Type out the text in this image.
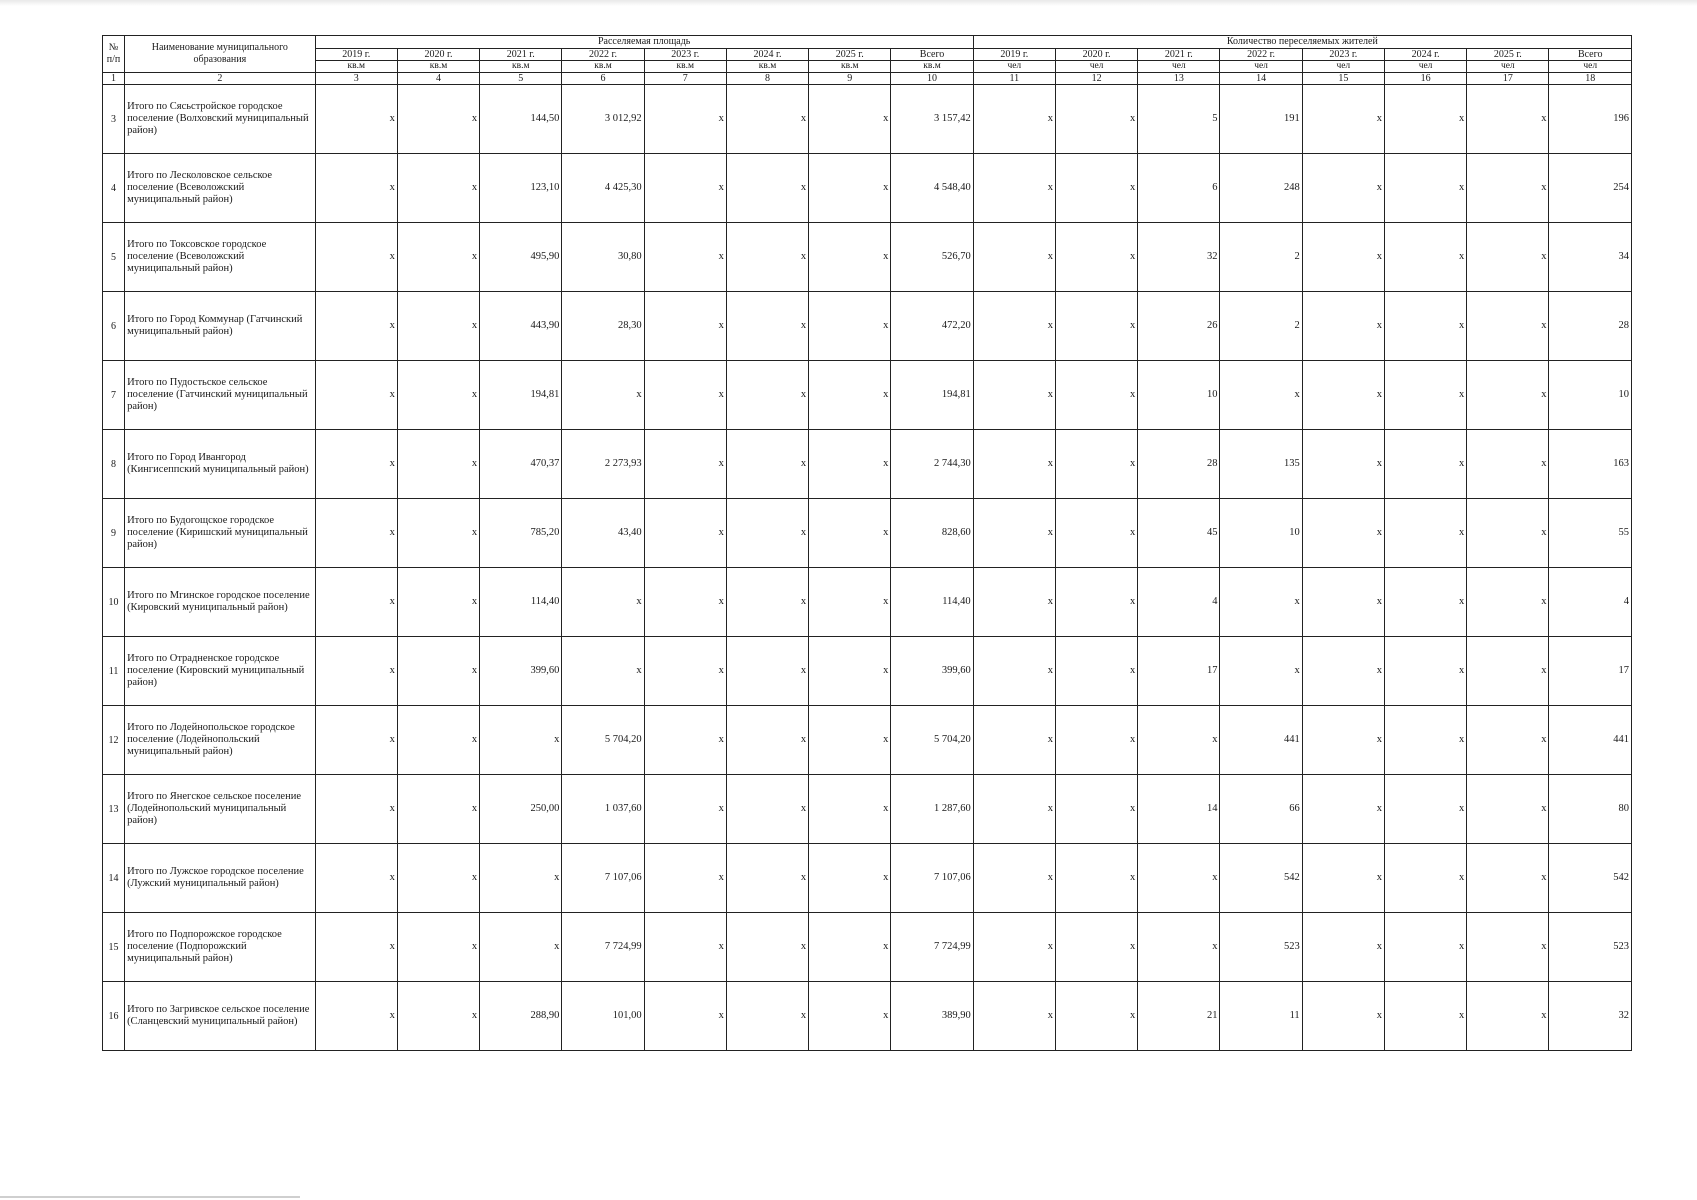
№ п/п	Наименование муниципального образования	Расселяемая площадь								Количество переселяемых жителей							
		2019 г.	2020 г.	2021 г.	2022 г.	2023 г.	2024 г.	2025 г.	Всего	2019 г.	2020 г.	2021 г.	2022 г.	2023 г.	2024 г.	2025 г.	Всего
		кв.м	кв.м	кв.м	кв.м	кв.м	кв.м	кв.м	кв.м	чел	чел	чел	чел	чел	чел	чел	чел
1	2	3	4	5	6	7	8	9	10	11	12	13	14	15	16	17	18
3	Итого по Сясьстройское городское поселение (Волховский муниципальный район)	x	x	144,50	3 012,92	x	x	x	3 157,42	x	x	5	191	x	x	x	196
4	Итого по Лесколовское сельское поселение (Всеволожский муниципальный район)	x	x	123,10	4 425,30	x	x	x	4 548,40	x	x	6	248	x	x	x	254
5	Итого по Токсовское городское поселение (Всеволожский муниципальный район)	x	x	495,90	30,80	x	x	x	526,70	x	x	32	2	x	x	x	34
6	Итого по Город Коммунар (Гатчинский муниципальный район)	x	x	443,90	28,30	x	x	x	472,20	x	x	26	2	x	x	x	28
7	Итого по Пудостьское сельское поселение (Гатчинский муниципальный район)	x	x	194,81	x	x	x	x	194,81	x	x	10	x	x	x	x	10
8	Итого по Город Ивангород (Кингисеппский муниципальный район)	x	x	470,37	2 273,93	x	x	x	2 744,30	x	x	28	135	x	x	x	163
9	Итого по Будогощское городское поселение (Киришский муниципальный район)	x	x	785,20	43,40	x	x	x	828,60	x	x	45	10	x	x	x	55
10	Итого по Мгинское городское поселение (Кировский муниципальный район)	x	x	114,40	x	x	x	x	114,40	x	x	4	x	x	x	x	4
11	Итого по Отрадненское городское поселение (Кировский муниципальный район)	x	x	399,60	x	x	x	x	399,60	x	x	17	x	x	x	x	17
12	Итого по Лодейнопольское городское поселение (Лодейнопольский муниципальный район)	x	x	x	5 704,20	x	x	x	5 704,20	x	x	x	441	x	x	x	441
13	Итого по Янегское сельское поселение (Лодейнопольский муниципальный район)	x	x	250,00	1 037,60	x	x	x	1 287,60	x	x	14	66	x	x	x	80
14	Итого по Лужское городское поселение (Лужский муниципальный район)	x	x	x	7 107,06	x	x	x	7 107,06	x	x	x	542	x	x	x	542
15	Итого по Подпорожское городское поселение (Подпорожский муниципальный район)	x	x	x	7 724,99	x	x	x	7 724,99	x	x	x	523	x	x	x	523
16	Итого по Загривское сельское поселение (Сланцевский муниципальный район)	x	x	288,90	101,00	x	x	x	389,90	x	x	21	11	x	x	x	32
